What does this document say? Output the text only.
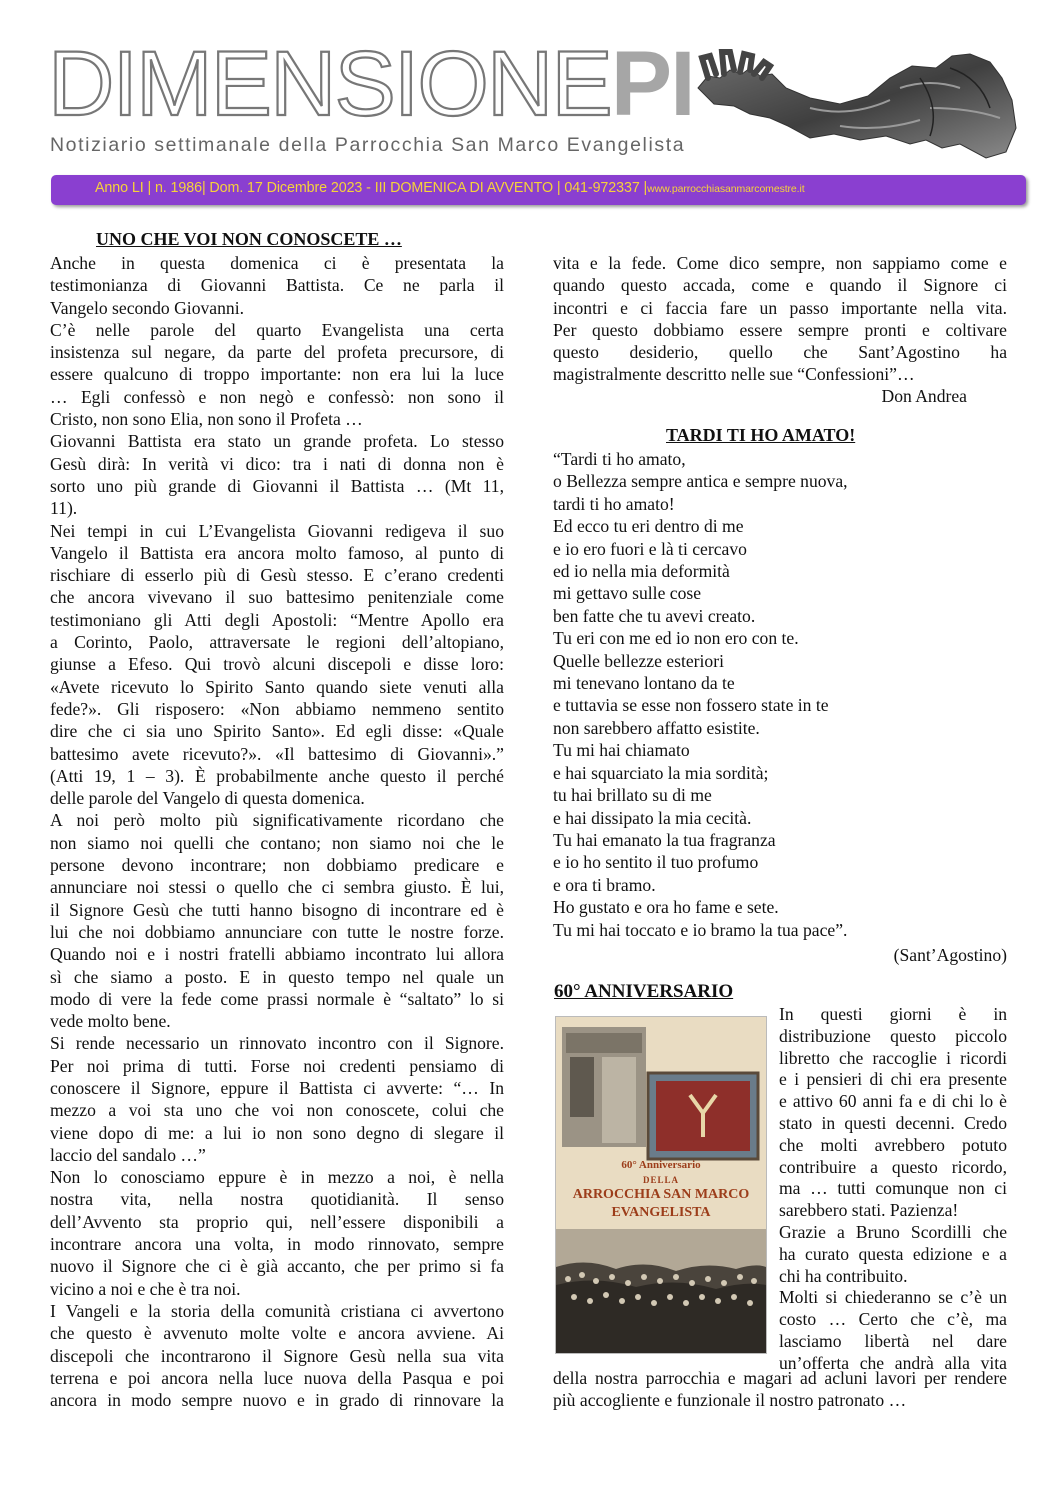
DIMENSIONEPI
Notiziario settimanale della Parrocchia San Marco Evangelista
Anno LI | n. 1986| Dom. 17 Dicembre 2023 - III DOMENICA DI AVVENTO | 041-972337 |www.parrocchiasanmarcomestre.it
UNO CHE VOI NON CONOSCETE …

Anche in questa domenica ci è presentata la

testimonianza di Giovanni Battista. Ce ne parla il

Vangelo secondo Giovanni.

C’è nelle parole del quarto Evangelista una certa

insistenza sul negare, da parte del profeta precursore, di

essere qualcuno di troppo importante: non era lui la luce

… Egli confessò e non negò e confessò: non sono il

Cristo, non sono Elia, non sono il Profeta …

Giovanni Battista era stato un grande profeta. Lo stesso

Gesù dirà: In verità vi dico: tra i nati di donna non è

sorto uno più grande di Giovanni il Battista … (Mt 11,

11).

Nei tempi in cui L’Evangelista Giovanni redigeva il suo

Vangelo il Battista era ancora molto famoso, al punto di

rischiare di esserlo più di Gesù stesso. E c’erano credenti

che ancora vivevano il suo battesimo penitenziale come

testimoniano gli Atti degli Apostoli: “Mentre Apollo era

a Corinto, Paolo, attraversate le regioni dell’altopiano,

giunse a Efeso. Qui trovò alcuni discepoli e disse loro:

«Avete ricevuto lo Spirito Santo quando siete venuti alla

fede?». Gli risposero: «Non abbiamo nemmeno sentito

dire che ci sia uno Spirito Santo». Ed egli disse: «Quale

battesimo avete ricevuto?». «Il battesimo di Giovanni».”

(Atti 19, 1 – 3). È probabilmente anche questo il perché

delle parole del Vangelo di questa domenica.

A noi però molto più significativamente ricordano che

non siamo noi quelli che contano; non siamo noi che le

persone devono incontrare; non dobbiamo predicare e

annunciare noi stessi o quello che ci sembra giusto. È lui,

il Signore Gesù che tutti hanno bisogno di incontrare ed è

lui che noi dobbiamo annunciare con tutte le nostre forze.

Quando noi e i nostri fratelli abbiamo incontrato lui allora

sì che siamo a posto. E in questo tempo nel quale un

modo di vere la fede come prassi normale è “saltato” lo si

vede molto bene.

Si rende necessario un rinnovato incontro con il Signore.

Per noi prima di tutti. Forse noi credenti pensiamo di

conoscere il Signore, eppure il Battista ci avverte: “… In

mezzo a voi sta uno che voi non conoscete, colui che

viene dopo di me: a lui io non sono degno di slegare il

laccio del sandalo …”

Non lo conosciamo eppure è in mezzo a noi, è nella

nostra vita, nella nostra quotidianità. Il senso

dell’Avvento sta proprio qui, nell’essere disponibili a

incontrare ancora una volta, in modo rinnovato, sempre

nuovo il Signore che ci è già accanto, che per primo si fa

vicino a noi e che è tra noi.

I Vangeli e la storia della comunità cristiana ci avvertono

che questo è avvenuto molte volte e ancora avviene. Ai

discepoli che incontrarono il Signore Gesù nella sua vita

terrena e poi ancora nella luce nuova della Pasqua e poi

ancora in modo sempre nuovo e in grado di rinnovare la

vita e la fede. Come dico sempre, non sappiamo come e

quando questo accada, come e quando il Signore ci

incontri e ci faccia fare un passo importante nella vita.

Per questo dobbiamo essere sempre pronti e coltivare

questo desiderio, quello che Sant’Agostino ha

magistralmente descritto nelle sue “Confessioni”…

Don Andrea
TARDI TI HO AMATO!

“Tardi ti ho amato,

o Bellezza sempre antica e sempre nuova,

tardi ti ho amato!

Ed ecco tu eri dentro di me

e io ero fuori e là ti cercavo

ed io nella mia deformità

mi gettavo sulle cose

ben fatte che tu avevi creato.

Tu eri con me ed io non ero con te.

Quelle bellezze esteriori

mi tenevano lontano da te

e tuttavia se esse non fossero state in te

non sarebbero affatto esistite.

Tu mi hai chiamato

e hai squarciato la mia sordità;

tu hai brillato su di me

e hai dissipato la mia cecità.

Tu hai emanato la tua fragranza

e io ho sentito il tuo profumo

e ora ti bramo.

Ho gustato e ora ho fame e sete.

Tu mi hai toccato e io bramo la tua pace”.

(Sant’Agostino)
60° ANNIVERSARIO
60° Anniversario
DELLA
ARROCCHIA SAN MARCO
EVANGELISTA

In questi giorni è in

distribuzione questo piccolo

libretto che raccoglie i ricordi

e i pensieri di chi era presente

e attivo 60 anni fa e di chi lo è

stato in questi decenni. Credo

che molti avrebbero potuto

contribuire a questo ricordo,

ma … tutti comunque non ci

sarebbero stati. Pazienza!

Grazie a Bruno Scordilli che

ha curato questa edizione e a

chi ha contribuito.

Molti si chiederanno se c’è un

costo … Certo che c’è, ma

lasciamo libertà nel dare

un’offerta che andrà alla vita

della nostra parrocchia e magari ad acluni lavori per rendere

più accogliente e funzionale il nostro patronato …
